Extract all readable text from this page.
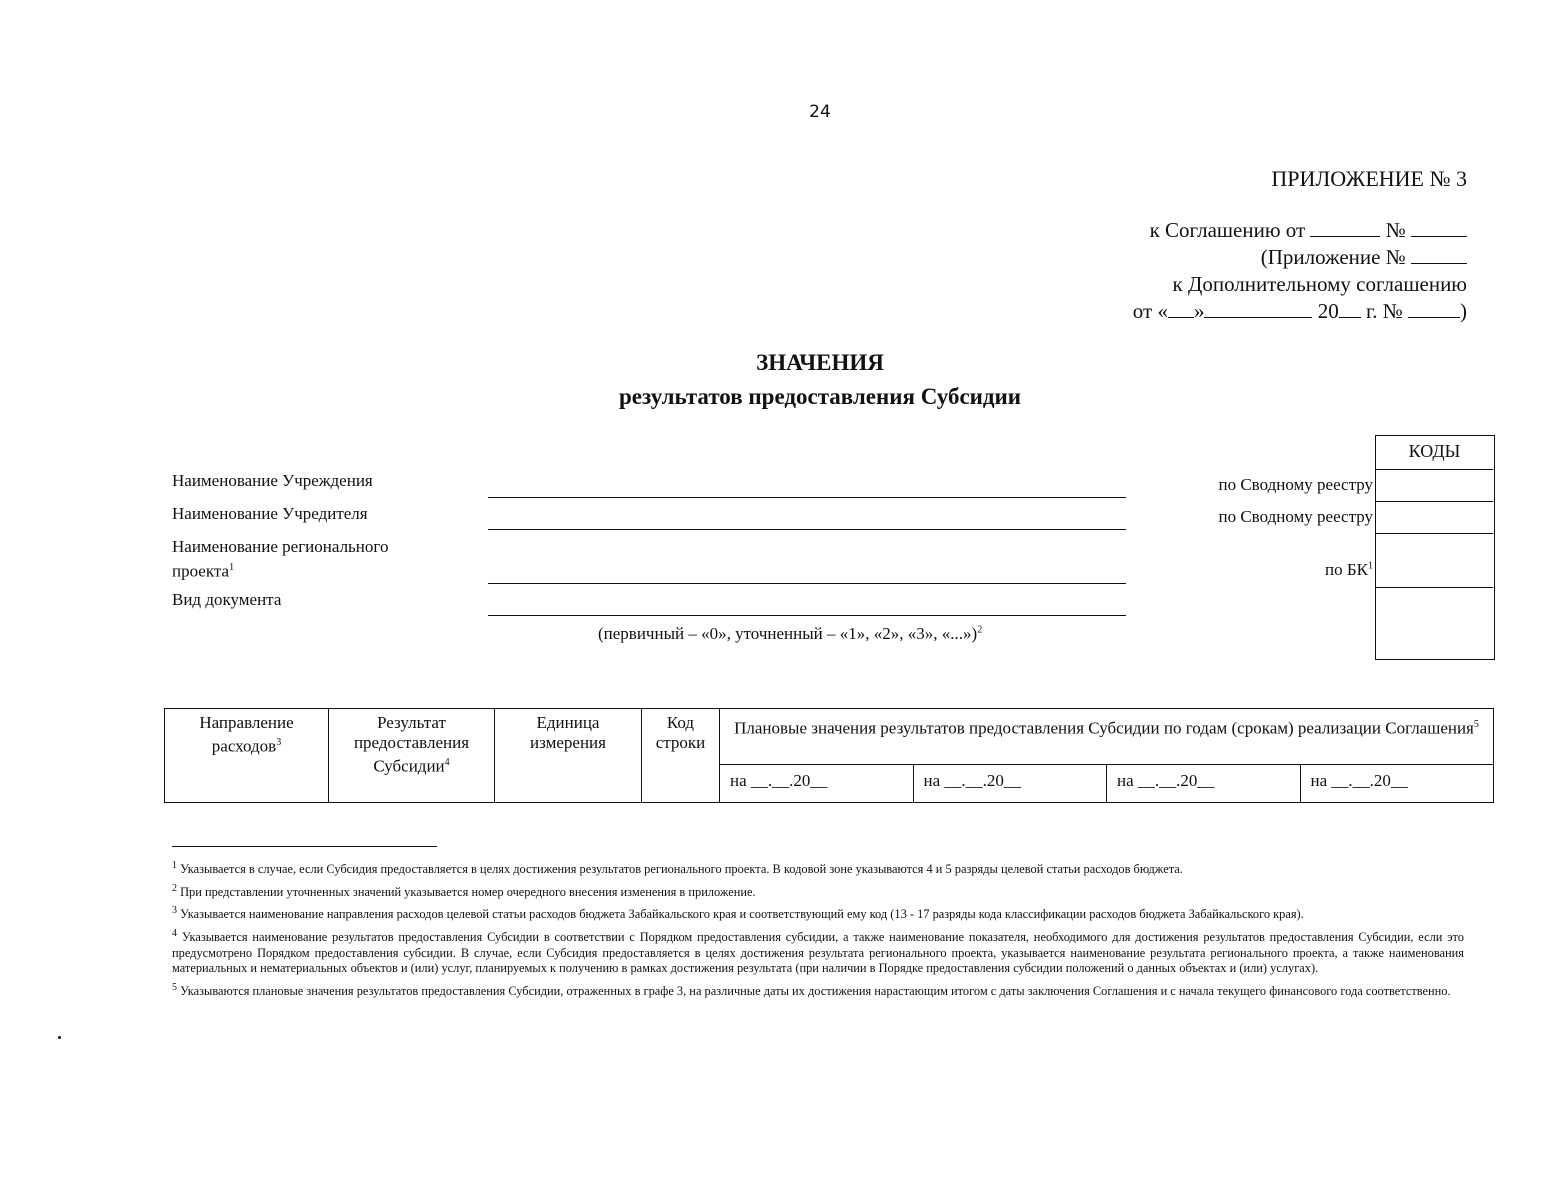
24
ПРИЛОЖЕНИЕ № 3
к Соглашению от	№
(Приложение №
к Дополнительному соглашению
от « »	20 г. №	)
ЗНАЧЕНИЯ
результатов предоставления Субсидии
Наименование Учреждения
Наименование Учредителя
Наименование регионального
проекта$^1$
Вид документа
(первичный – «0», уточненный – «1», «2», «3», «...»)$^2$
по Сводному реестру
по Сводному реестру
по $БК^1$
КОДЫ
Направление расходов$^3$	Результат предоставления Субсидии$^4$	Единица измерения	Код строки	Плановые значения результатов предоставления Субсидии по годам (срокам) реализации Соглашения$^5$
				на __.__.20__	на __.__.20__	на __.__.20__	на __.__.20__

$^1$ Указывается в случае, если Субсидия предоставляется в целях достижения результатов регионального проекта. В кодовой зоне указываются 4 и 5 разряды целевой статьи расходов бюджета.

$^2$ При представлении уточненных значений указывается номер очередного внесения изменения в приложение.

$^3$ Указывается наименование направления расходов целевой статьи расходов бюджета Забайкальского края и соответствующий ему код (13 - 17 разряды кода классификации расходов бюджета Забайкальского края).

$^4$ Указывается наименование результатов предоставления Субсидии в соответствии с Порядком предоставления субсидии, а также наименование показателя, необходимого для достижения результатов предоставления Субсидии, если это предусмотрено Порядком предоставления субсидии. В случае, если Субсидия предоставляется в целях достижения результата регионального проекта, указывается наименование результата регионального проекта, а также наименования материальных и нематериальных объектов и (или) услуг, планируемых к получению в рамках достижения результата (при наличии в Порядке предоставления субсидии положений о данных объектах и (или) услугах).

$^5$ Указываются плановые значения результатов предоставления Субсидии, отраженных в графе 3, на различные даты их достижения нарастающим итогом с даты заключения Соглашения и с начала текущего финансового года соответственно.
